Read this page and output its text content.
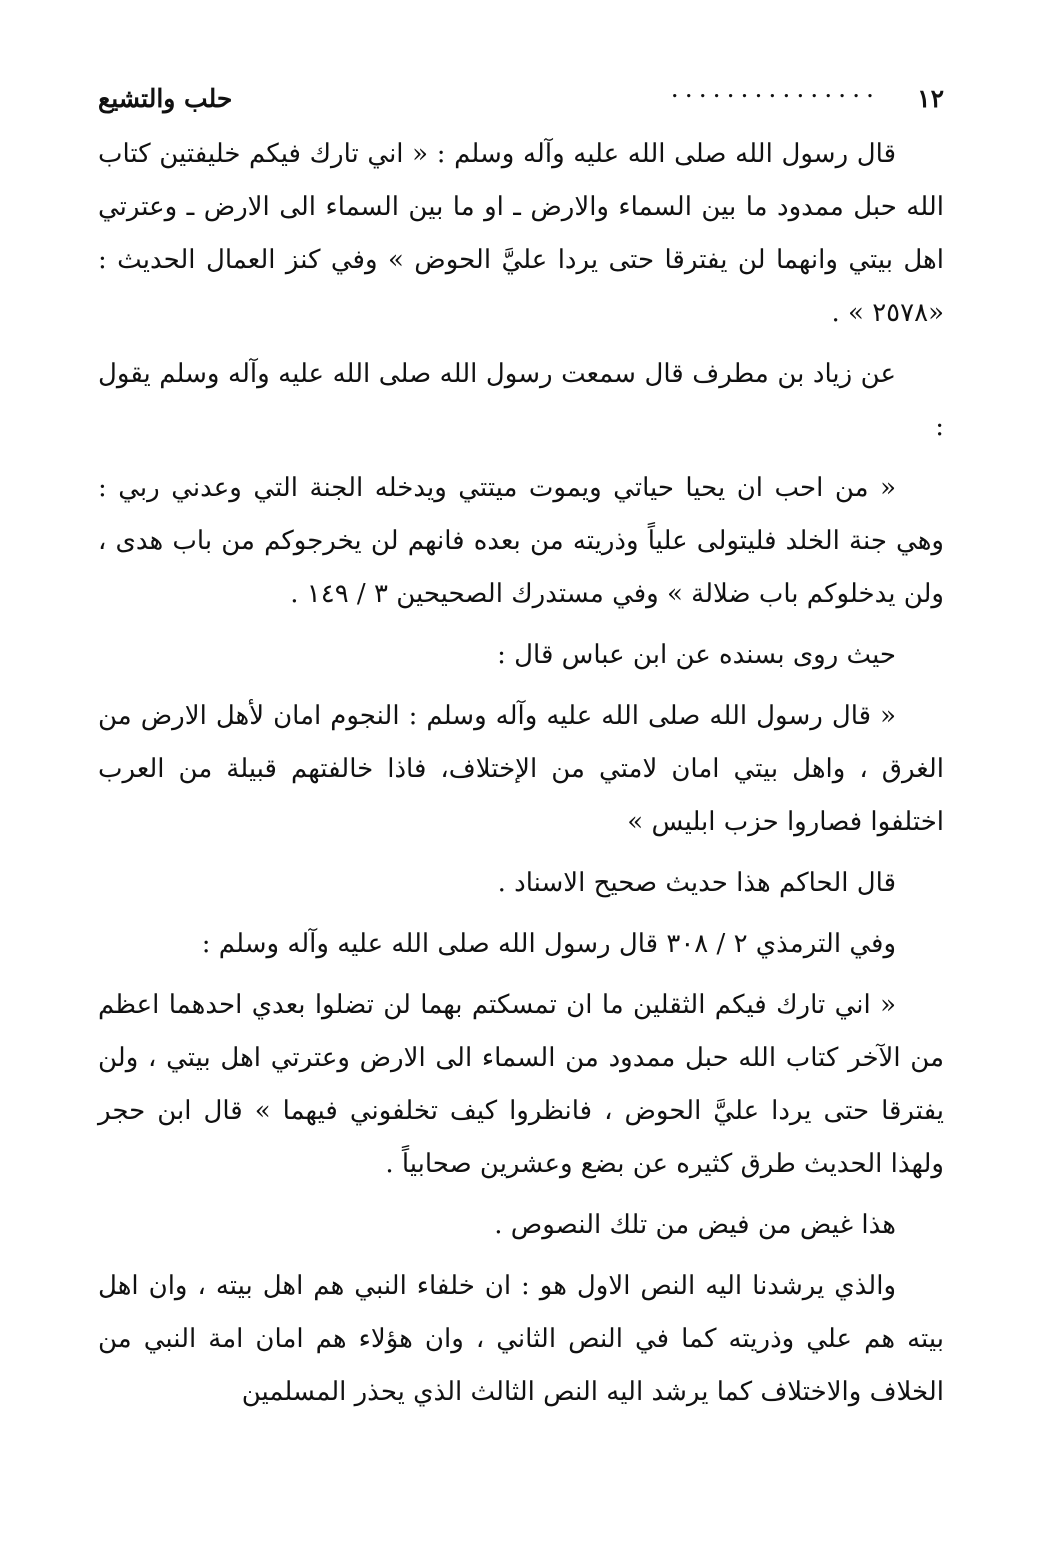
١٢
...............
حلب والتشيع

قال رسول الله صلى الله عليه وآله وسلم : « اني تارك فيكم خليفتين كتاب الله حبل ممدود ما بين السماء والارض ـ او ما بين السماء الى الارض ـ وعترتي اهل بيتي وانهما لن يفترقا حتى يردا عليَّ الحوض » وفي كنز العمال الحديث : «٢٥٧٨ » .

عن زياد بن مطرف قال سمعت رسول الله صلى الله عليه وآله وسلم يقول :

« من احب ان يحيا حياتي ويموت ميتتي ويدخله الجنة التي وعدني ربي : وهي جنة الخلد فليتولى علياً وذريته من بعده فانهم لن يخرجوكم من باب هدى ، ولن يدخلوكم باب ضلالة » وفي مستدرك الصحيحين ٣ / ١٤٩ .

حيث روى بسنده عن ابن عباس قال :

« قال رسول الله صلى الله عليه وآله وسلم : النجوم امان لأهل الارض من الغرق ، واهل بيتي امان لامتي من الإختلاف، فاذا خالفتهم قبيلة من العرب اختلفوا فصاروا حزب ابليس »

قال الحاكم هذا حديث صحيح الاسناد .

وفي الترمذي ٢ / ٣٠٨ قال رسول الله صلى الله عليه وآله وسلم :

« اني تارك فيكم الثقلين ما ان تمسكتم بهما لن تضلوا بعدي احدهما اعظم من الآخر كتاب الله حبل ممدود من السماء الى الارض وعترتي اهل بيتي ، ولن يفترقا حتى يردا عليَّ الحوض ، فانظروا كيف تخلفوني فيهما » قال ابن حجر ولهذا الحديث طرق كثيره عن بضع وعشرين صحابياً .

هذا غيض من فيض من تلك النصوص .

والذي يرشدنا اليه النص الاول هو : ان خلفاء النبي هم اهل بيته ، وان اهل بيته هم علي وذريته كما في النص الثاني ، وان هؤلاء هم امان امة النبي من الخلاف والاختلاف كما يرشد اليه النص الثالث الذي يحذر المسلمين
